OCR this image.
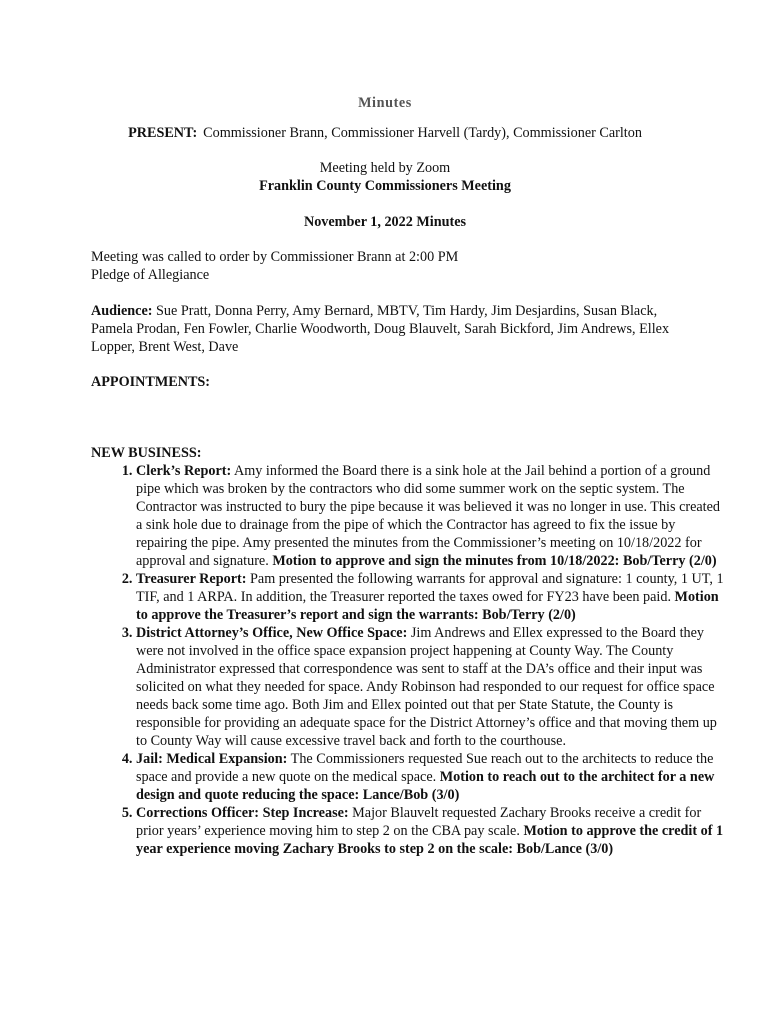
Minutes
PRESENT: Commissioner Brann, Commissioner Harvell (Tardy), Commissioner Carlton
Meeting held by Zoom
Franklin County Commissioners Meeting
November 1, 2022 Minutes
Meeting was called to order by Commissioner Brann at 2:00 PM
Pledge of Allegiance
Audience: Sue Pratt, Donna Perry, Amy Bernard, MBTV, Tim Hardy, Jim Desjardins, Susan Black, Pamela Prodan, Fen Fowler, Charlie Woodworth, Doug Blauvelt, Sarah Bickford, Jim Andrews, Ellex Lopper, Brent West, Dave
APPOINTMENTS:
NEW BUSINESS:
1. Clerk’s Report: Amy informed the Board there is a sink hole at the Jail behind a portion of a ground pipe which was broken by the contractors who did some summer work on the septic system. The Contractor was instructed to bury the pipe because it was believed it was no longer in use. This created a sink hole due to drainage from the pipe of which the Contractor has agreed to fix the issue by repairing the pipe. Amy presented the minutes from the Commissioner’s meeting on 10/18/2022 for approval and signature. Motion to approve and sign the minutes from 10/18/2022: Bob/Terry (2/0)
2. Treasurer Report: Pam presented the following warrants for approval and signature: 1 county, 1 UT, 1 TIF, and 1 ARPA. In addition, the Treasurer reported the taxes owed for FY23 have been paid. Motion to approve the Treasurer’s report and sign the warrants: Bob/Terry (2/0)
3. District Attorney’s Office, New Office Space: Jim Andrews and Ellex expressed to the Board they were not involved in the office space expansion project happening at County Way. The County Administrator expressed that correspondence was sent to staff at the DA’s office and their input was solicited on what they needed for space. Andy Robinson had responded to our request for office space needs back some time ago. Both Jim and Ellex pointed out that per State Statute, the County is responsible for providing an adequate space for the District Attorney’s office and that moving them up to County Way will cause excessive travel back and forth to the courthouse.
4. Jail: Medical Expansion: The Commissioners requested Sue reach out to the architects to reduce the space and provide a new quote on the medical space. Motion to reach out to the architect for a new design and quote reducing the space: Lance/Bob (3/0)
5. Corrections Officer: Step Increase: Major Blauvelt requested Zachary Brooks receive a credit for prior years’ experience moving him to step 2 on the CBA pay scale. Motion to approve the credit of 1 year experience moving Zachary Brooks to step 2 on the scale: Bob/Lance (3/0)
